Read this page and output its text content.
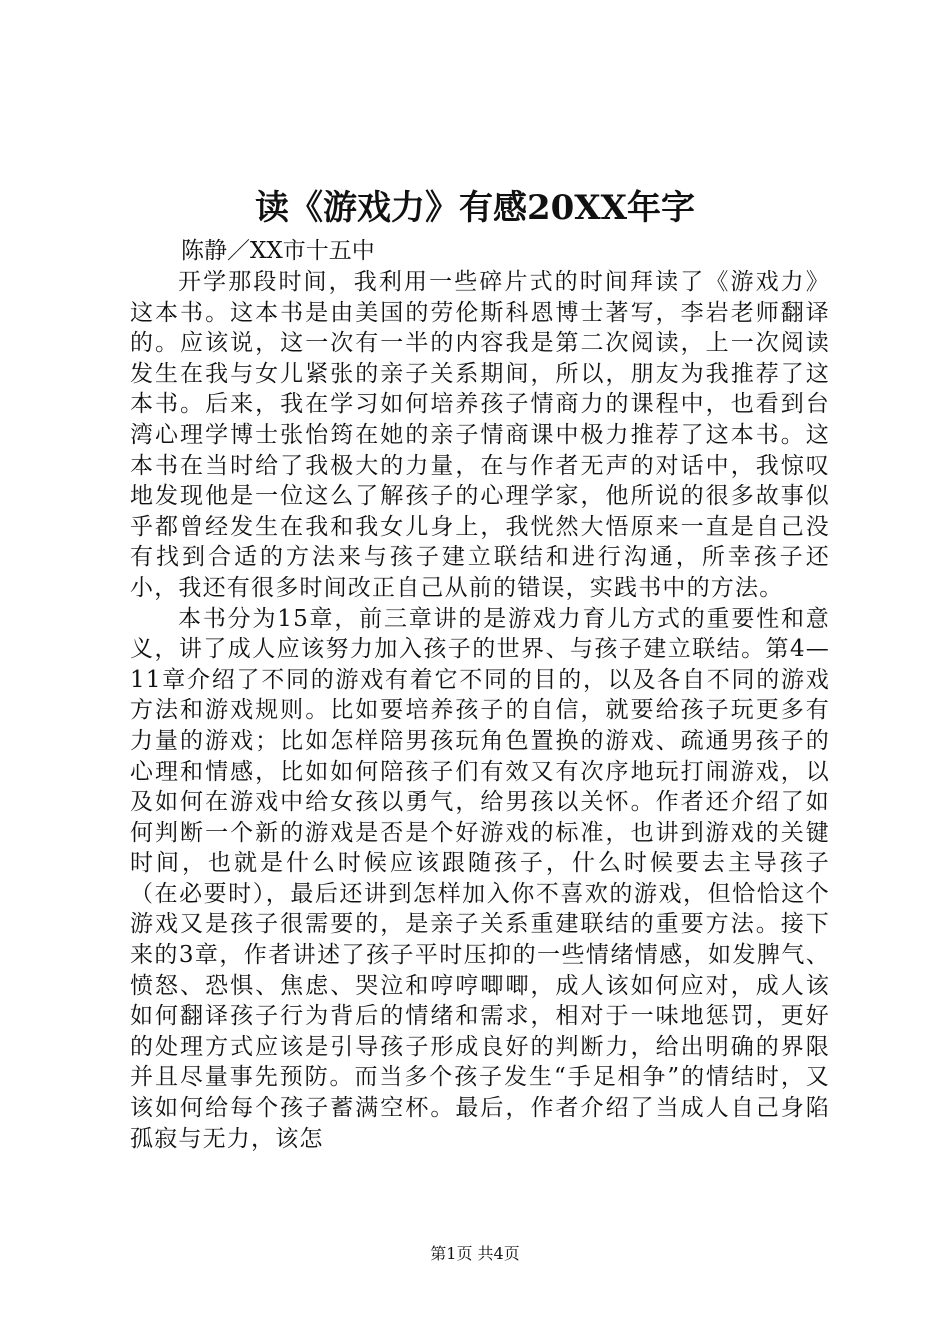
读《游戏力》有感20XX年字
陈静／XX市十五中

开学那段时间，我利用一些碎片式的时间拜读了《游戏力》这本书。这本书是由美国的劳伦斯科恩博士著写，李岩老师翻译的。应该说，这一次有一半的内容我是第二次阅读，上一次阅读发生在我与女儿紧张的亲子关系期间，所以，朋友为我推荐了这本书。后来，我在学习如何培养孩子情商力的课程中，也看到台湾心理学博士张怡筠在她的亲子情商课中极力推荐了这本书。这本书在当时给了我极大的力量，在与作者无声的对话中，我惊叹地发现他是一位这么了解孩子的心理学家，他所说的很多故事似乎都曾经发生在我和我女儿身上，我恍然大悟原来一直是自己没有找到合适的方法来与孩子建立联结和进行沟通，所幸孩子还小，我还有很多时间改正自己从前的错误，实践书中的方法。

本书分为15章，前三章讲的是游戏力育儿方式的重要性和意义，讲了成人应该努力加入孩子的世界、与孩子建立联结。第4—11章介绍了不同的游戏有着它不同的目的，以及各自不同的游戏方法和游戏规则。比如要培养孩子的自信，就要给孩子玩更多有力量的游戏；比如怎样陪男孩玩角色置换的游戏、疏通男孩子的心理和情感，比如如何陪孩子们有效又有次序地玩打闹游戏，以及如何在游戏中给女孩以勇气，给男孩以关怀。作者还介绍了如何判断一个新的游戏是否是个好游戏的标准，也讲到游戏的关键时间，也就是什么时候应该跟随孩子，什么时候要去主导孩子（在必要时），最后还讲到怎样加入你不喜欢的游戏，但恰恰这个游戏又是孩子很需要的，是亲子关系重建联结的重要方法。接下来的3章，作者讲述了孩子平时压抑的一些情绪情感，如发脾气、愤怒、恐惧、焦虑、哭泣和哼哼唧唧，成人该如何应对，成人该如何翻译孩子行为背后的情绪和需求，相对于一味地惩罚，更好的处理方式应该是引导孩子形成良好的判断力，给出明确的界限并且尽量事先预防。而当多个孩子发生“手足相争”的情结时，又该如何给每个孩子蓄满空杯。最后，作者介绍了当成人自己身陷孤寂与无力，该怎

第1页 共4页
